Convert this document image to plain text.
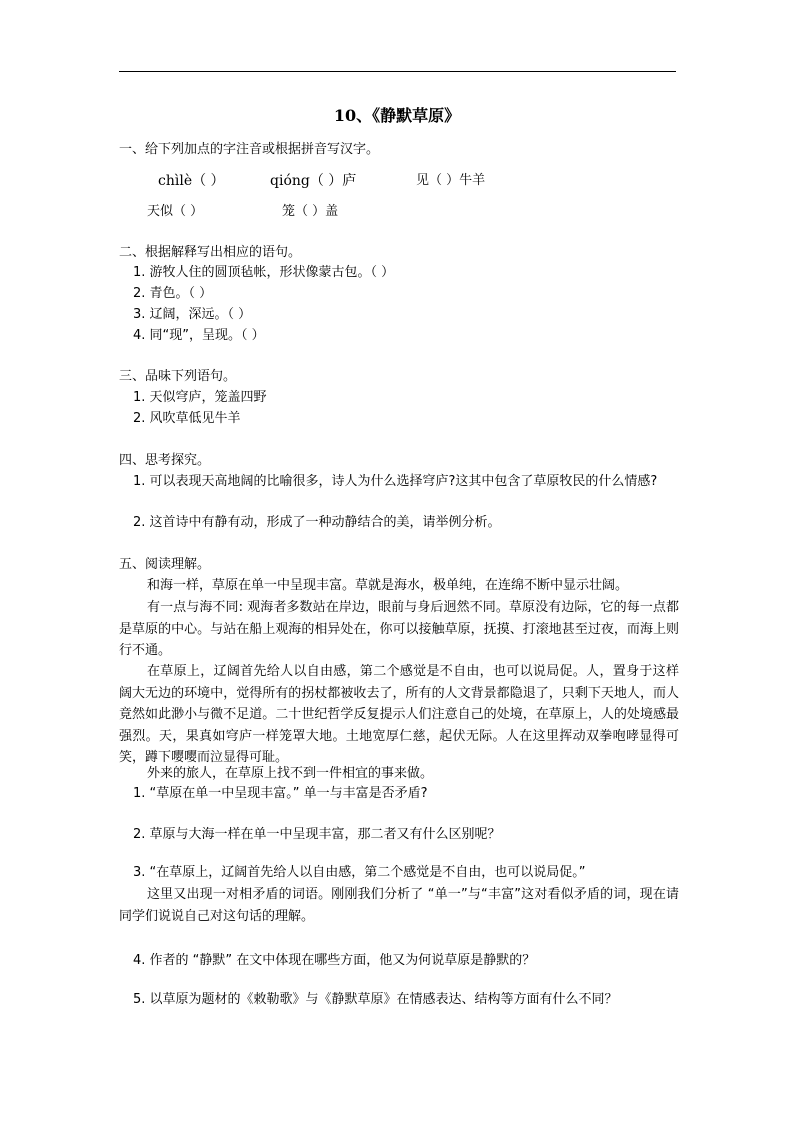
10、《静默草原》
一、给下列加点的字注音或根据拼音写汉字。
chìlè（ ）	qióng（ ）庐	见（ ）牛羊
天似（ ）	笼（ ）盖
二、根据解释写出相应的语句。
1. 游牧人住的圆顶毡帐，形状像蒙古包。（ ）
2. 青色。（ ）
3. 辽阔，深远。（ ）
4. 同“现”，呈现。（ ）
三、品味下列语句。
1. 天似穹庐，笼盖四野
2. 风吹草低见牛羊
四、思考探究。
1. 可以表现天高地阔的比喻很多，诗人为什么选择穹庐?这其中包含了草原牧民的什么情感?
2. 这首诗中有静有动，形成了一种动静结合的美，请举例分析。
五、阅读理解。
和海一样，草原在单一中呈现丰富。草就是海水，极单纯，在连绵不断中显示壮阔。
有一点与海不同: 观海者多数站在岸边，眼前与身后迥然不同。草原没有边际，它的每一点都是草原的中心。与站在船上观海的相异处在，你可以接触草原，抚摸、打滚地甚至过夜，而海上则行不通。
在草原上，辽阔首先给人以自由感，第二个感觉是不自由，也可以说局促。人，置身于这样阔大无边的环境中，觉得所有的拐杖都被收去了，所有的人文背景都隐退了，只剩下天地人，而人竟然如此渺小与微不足道。二十世纪哲学反复提示人们注意自己的处境，在草原上，人的处境感最强烈。天，果真如穹庐一样笼罩大地。土地宽厚仁慈，起伏无际。人在这里挥动双拳咆哮显得可笑，蹲下嘤嘤而泣显得可耻。
外来的旅人，在草原上找不到一件相宜的事来做。
1. “草原在单一中呈现丰富。” 单一与丰富是否矛盾?
2. 草原与大海一样在单一中呈现丰富，那二者又有什么区别呢？
3. “在草原上，辽阔首先给人以自由感，第二个感觉是不自由，也可以说局促。”
这里又出现一对相矛盾的词语。刚刚我们分析了 “单一”与“丰富”这对看似矛盾的词，现在请同学们说说自己对这句话的理解。
4. 作者的 “静默” 在文中体现在哪些方面，他又为何说草原是静默的？
5. 以草原为题材的《敕勒歌》与《静默草原》在情感表达、结构等方面有什么不同？
